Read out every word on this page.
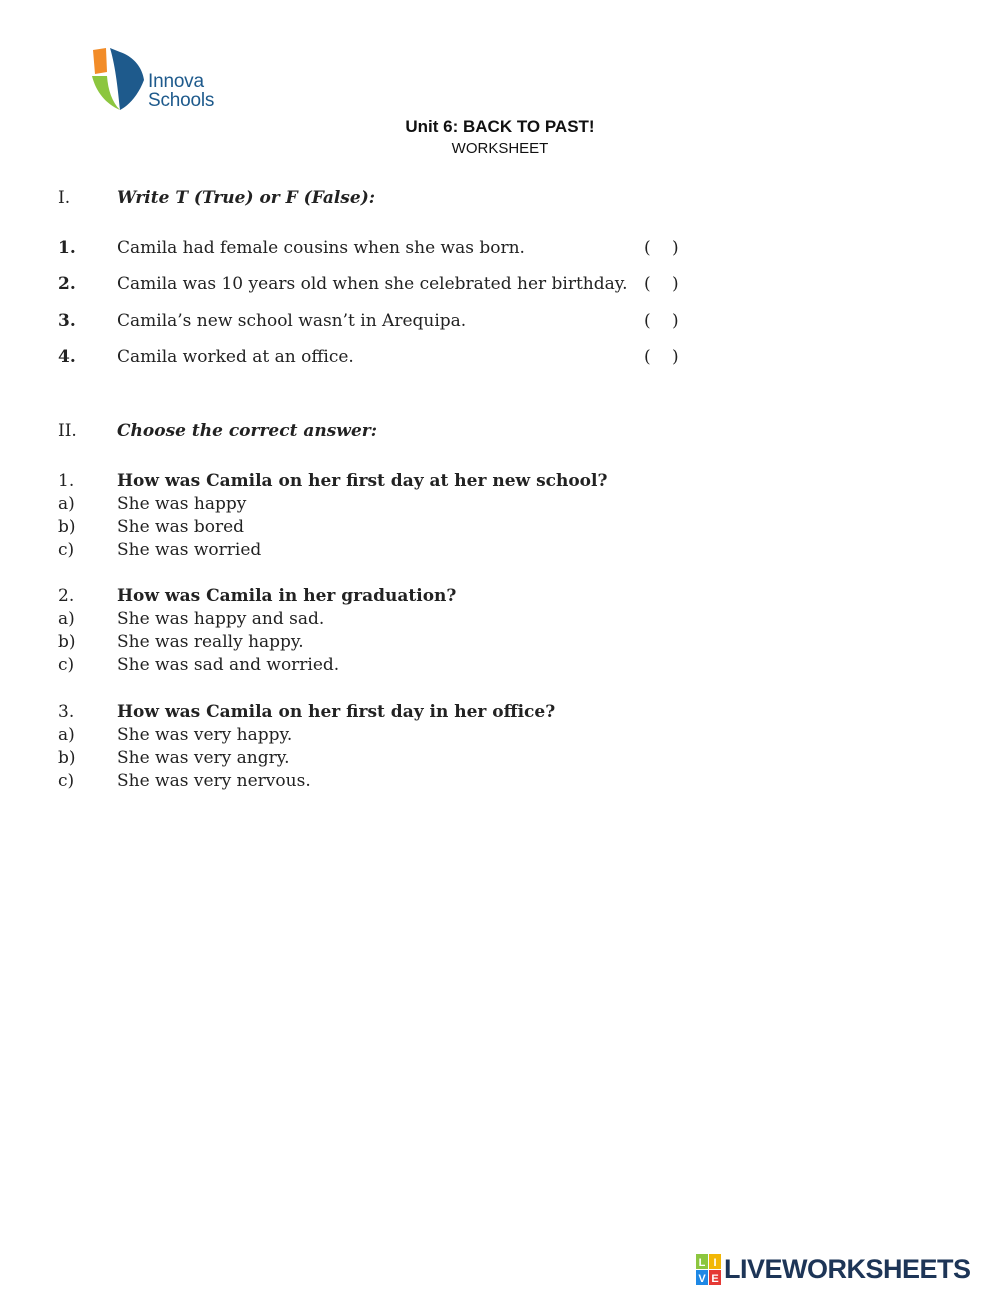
Innova
Schools
Unit 6: BACK TO PAST!
WORKSHEET
I.	Write T (True) or F (False):
1. Camila had female cousins when she was born.	( )
2. Camila was 10 years old when she celebrated her birthday. ( )
3. Camila’s new school wasn’t in Arequipa.	( )
4. Camila worked at an office.	( )
II. Choose the correct answer:
1.	How was Camila on her first day at her new school?
a) She was happy
b) She was bored
c)	She was worried
2.	How was Camila in her graduation?
a) She was happy and sad.
b) She was really happy.
c)	She was sad and worried.
3.	How was Camila on her first day in her office?
a) She was very happy.
b) She was very angry.
c)	She was very nervous.
L I
V E LIVEWORKSHEETS
